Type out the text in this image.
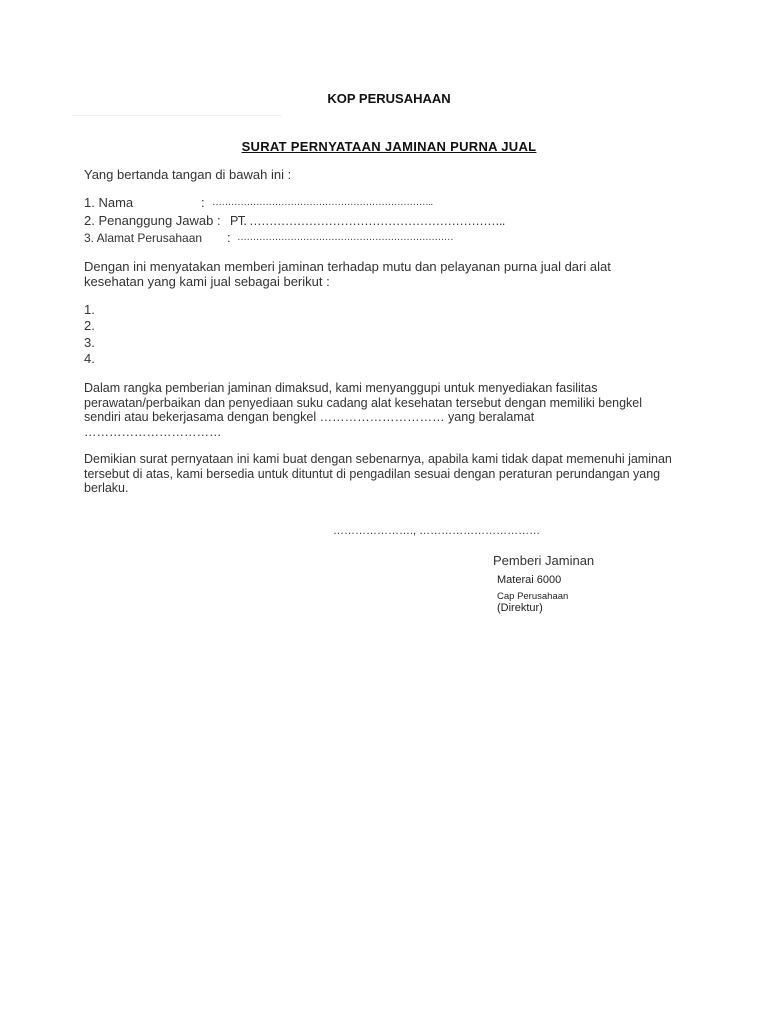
KOP PERUSAHAAN
SURAT PERNYATAAN JAMINAN PURNA JUAL
Yang bertanda tangan di bawah ini :
1. Nama	: ……………………………………………………………..
2. Penanggung Jawab : PT. ………………………………………………………..
3. Alamat Perusahaan : ……………………………………………………………
Dengan ini menyatakan memberi jaminan terhadap mutu dan pelayanan purna jual dari alat kesehatan yang kami jual sebagai berikut :
1.
2.
3.
4.
Dalam rangka pemberian jaminan dimaksud, kami menyanggupi untuk menyediakan fasilitas perawatan/perbaikan dan penyediaan suku cadang alat kesehatan tersebut dengan memiliki bengkel sendiri atau bekerjasama dengan bengkel ………………………… yang beralamat ……………………………
Demikian surat pernyataan ini kami buat dengan sebenarnya, apabila kami tidak dapat memenuhi jaminan tersebut di atas, kami bersedia untuk dituntut di pengadilan sesuai dengan peraturan perundangan yang berlaku.
…………………., ……………………………
Pemberi Jaminan
Materai 6000
Cap Perusahaan
(Direktur)
